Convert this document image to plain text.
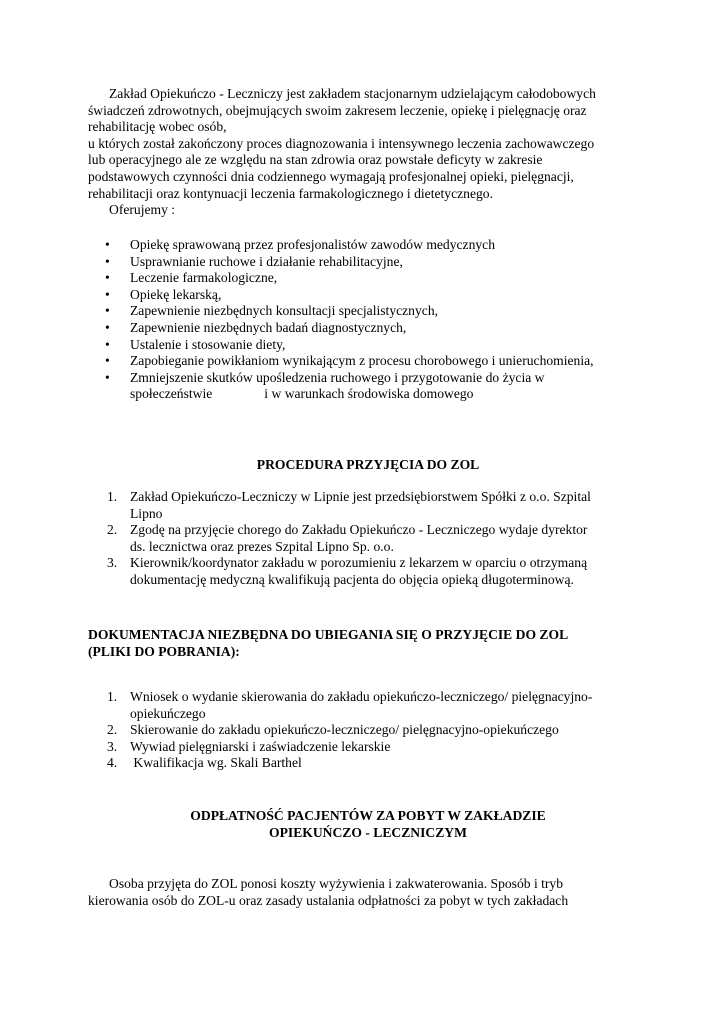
Zakład Opiekuńczo - Leczniczy jest zakładem stacjonarnym udzielającym całodobowych
świadczeń zdrowotnych, obejmujących swoim zakresem leczenie, opiekę i pielęgnację oraz
rehabilitację wobec osób,
u których został zakończony proces diagnozowania i intensywnego leczenia zachowawczego
lub operacyjnego ale ze względu na stan zdrowia oraz powstałe deficyty w zakresie
podstawowych czynności dnia codziennego wymagają profesjonalnej opieki, pielęgnacji,
rehabilitacji oraz kontynuacji leczenia farmakologicznego i dietetycznego.
Oferujemy :
• Opiekę sprawowaną przez profesjonalistów zawodów medycznych
• Usprawnianie ruchowe i działanie rehabilitacyjne,
• Leczenie farmakologiczne,
• Opiekę lekarską,
• Zapewnienie niezbędnych konsultacji specjalistycznych,
• Zapewnienie niezbędnych badań diagnostycznych,
• Ustalenie i stosowanie diety,
• Zapobieganie powikłaniom wynikającym z procesu chorobowego i unieruchomienia,
• Zmniejszenie skutków upośledzenia ruchowego i przygotowanie do życia w
społeczeństwie	i w warunkach środowiska domowego
PROCEDURA PRZYJĘCIA DO ZOL
1. Zakład Opiekuńczo-Leczniczy w Lipnie jest przedsiębiorstwem Spółki z o.o. Szpital
Lipno
2. Zgodę na przyjęcie chorego do Zakładu Opiekuńczo - Leczniczego wydaje dyrektor
ds. lecznictwa oraz prezes Szpital Lipno Sp. o.o.
3. Kierownik/koordynator zakładu w porozumieniu z lekarzem w oparciu o otrzymaną
dokumentację medyczną kwalifikują pacjenta do objęcia opieką długoterminową.
DOKUMENTACJA NIEZBĘDNA DO UBIEGANIA SIĘ O PRZYJĘCIE DO ZOL
(PLIKI DO POBRANIA):
1. Wniosek o wydanie skierowania do zakładu opiekuńczo-leczniczego/ pielęgnacyjno-
opiekuńczego
2. Skierowanie do zakładu opiekuńczo-leczniczego/ pielęgnacyjno-opiekuńczego
3. Wywiad pielęgniarski i zaświadczenie lekarskie
4. Kwalifikacja wg. Skali Barthel
ODPŁATNOŚĆ PACJENTÓW ZA POBYT W ZAKŁADZIE
OPIEKUŃCZO - LECZNICZYM
Osoba przyjęta do ZOL ponosi koszty wyżywienia i zakwaterowania. Sposób i tryb
kierowania osób do ZOL-u oraz zasady ustalania odpłatności za pobyt w tych zakładach
